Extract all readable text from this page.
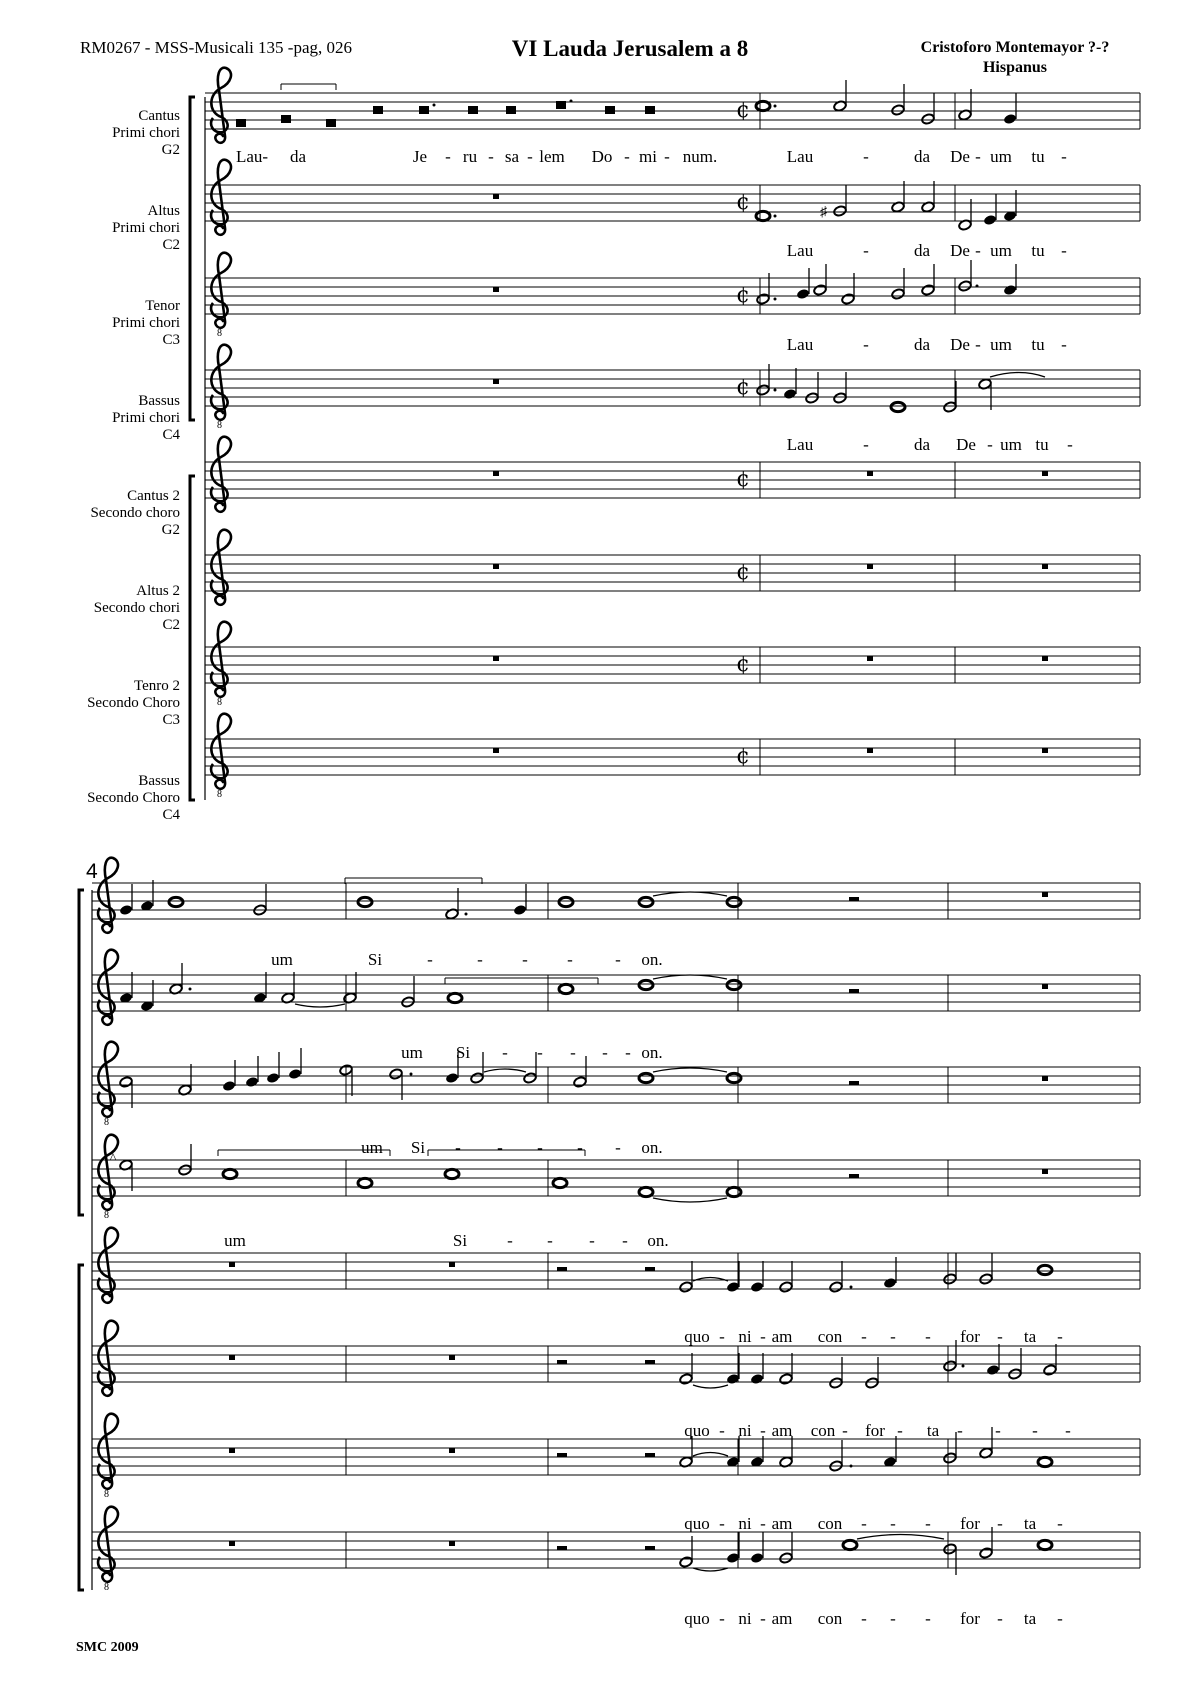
RM0267 - MSS-Musicali 135 -pag, 026	VI Lauda Jerusalem a 8	Cristoforo Montemayor ?-?
Hispanus
Cantus
Primi chori
G2
Altus
Primi chori
C2
Tenor
Primi chori
C3
Bassus
Primi chori
C4
Cantus 2
Secondo choro
G2
Altus 2
Secondo chori
C2
Tenro 2
Secondo Choro
C3
Bassus
Secondo Choro
C4
4
SMC 2009
¢
¢
8
¢
8
¢
¢
¢
8
¢
8
¢
♯
8
8
8
8
^
Lau- da	Je - ru - sa - lem Do - mi - num.	Lau	-	da De - um tu -
Lau	-	da De - um tu -
Lau	-	da De - um tu -
Lau	-	da De - um tu -
um	Si	-	- - - - on.
um Si - - - - - on.
um Si - - - - - on.
um	Si - - - - on.
quo - ni - am con - - - for - ta -
quo - ni - am con - for - ta - - - -
quo - ni - am con - - - for - ta -
quo - ni - am con - - - for - ta -
